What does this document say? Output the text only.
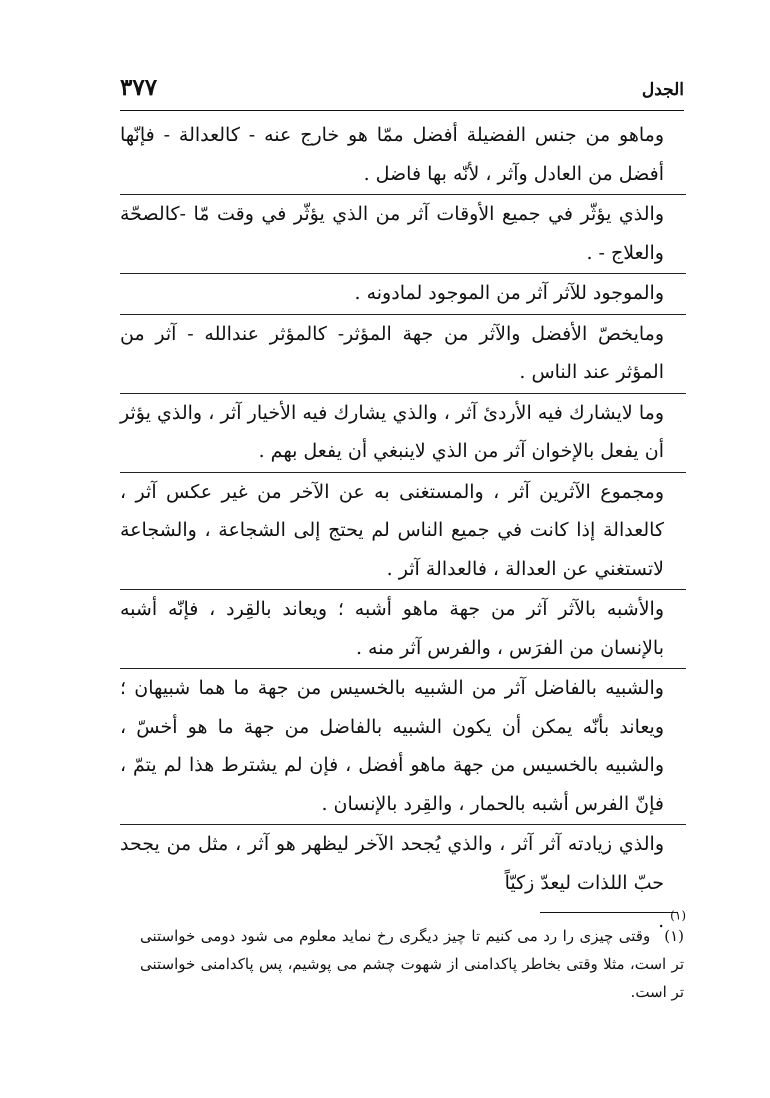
الجدل
٣٧٧

وماهو من جنس الفضيلة أفضل ممّا هو خارج عنه - كالعدالة - فإنّها أفضل من العادل وآثر ، لأنّه بها فاضل .

والذي يؤثّر في جميع الأوقات آثر من الذي يؤثّر في وقت مّا -كالصحّة والعلاج - .

والموجود للآثر آثر من الموجود لمادونه .

ومايخصّ الأفضل والآثر من جهة المؤثر- كالمؤثر عندالله - آثر من المؤثر عند الناس .

وما لايشارك فيه الأردئ آثر ، والذي يشارك فيه الأخيار آثر ، والذي يؤثر أن يفعل بالإخوان آثر من الذي لاينبغي أن يفعل بهم .

ومجموع الآثرين آثر ، والمستغنى به عن الآخر من غير عكس آثر ، كالعدالة إذا كانت في جميع الناس لم يحتج إلى الشجاعة ، والشجاعة لاتستغني عن العدالة ، فالعدالة آثر .

والأشبه بالآثر آثر من جهة ماهو أشبه ؛ ويعاند بالقِرد ، فإنّه أشبه بالإنسان من الفرَس ، والفرس آثر منه .

والشبيه بالفاضل آثر من الشبيه بالخسيس من جهة ما هما شبيهان ؛ ويعاند بأنّه يمكن أن يكون الشبيه بالفاضل من جهة ما هو أخسّ ، والشبيه بالخسيس من جهة ماهو أفضل ، فإن لم يشترط هذا لم يتمّ ، فإنّ الفرس أشبه بالحمار ، والقِرد بالإنسان .

والذي زيادته آثر آثر ، والذي يُجحد الآخر ليظهر هو آثر ، مثل من يجحد حبّ اللذات ليعدّ زكيّاً$^{(١)}$ .

(١)وقتى چيزى را رد مى كنيم تا چيز ديگرى رخ نمايد معلوم مى شود دومى خواستنى تر است، مثلا وقتى بخاطر پاكدامنى از شهوت چشم مى پوشيم، پس پاكدامنى خواستنى تر است.
